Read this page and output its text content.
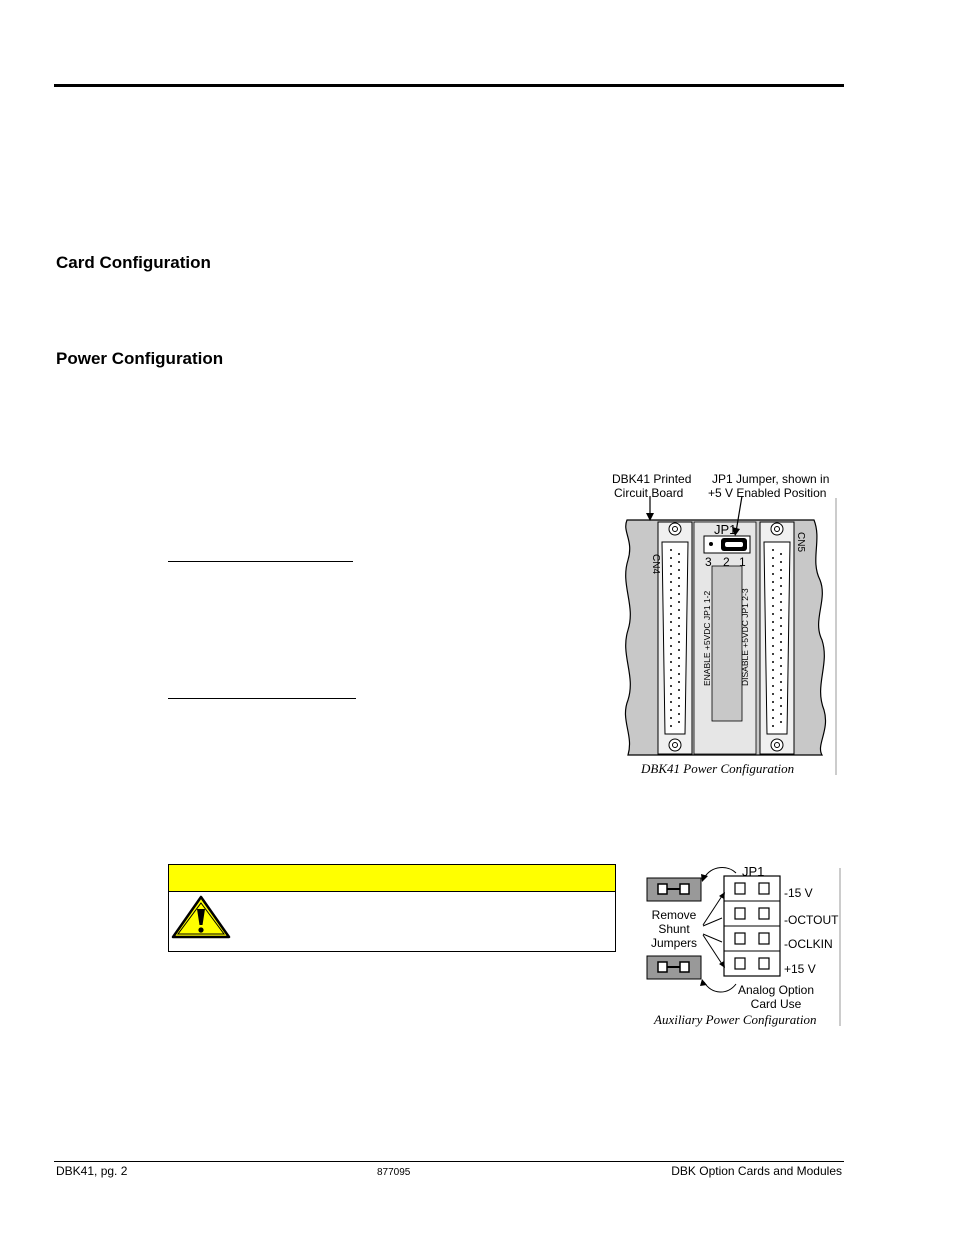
Card Configuration
Power Configuration
CN4
CN5
ENABLE +5VDC JP1 1-2	DISABLE +5VDC JP1 2-3
JP1
3 2 1
DBK41 Printed
Circuit Board
JP1 Jumper, shown in
+5 V Enabled Position
DBK41 Power Configuration
JP1
Remove
Shunt
Jumpers
-15 V
-OCTOUT
-OCLKIN
+15 V
Analog Option
Card Use
Auxiliary Power Configuration
DBK41, pg. 2	877095	DBK Option Cards and Modules
